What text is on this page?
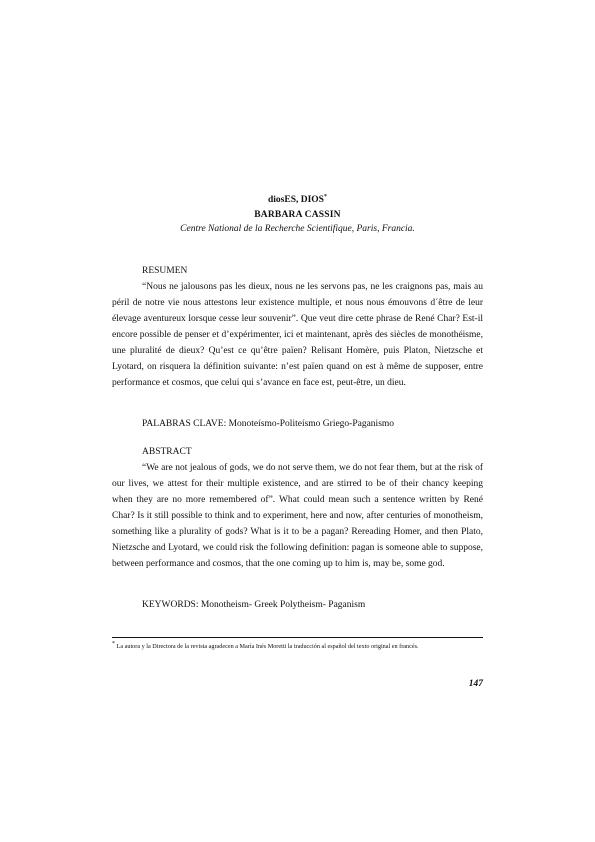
diosES, DIOS*
BARBARA CASSIN
Centre National de la Recherche Scientifique, Paris, Francia.
RESUMEN
“Nous ne jalousons pas les dieux, nous ne les servons pas, ne les craignons pas, mais au péril de notre vie nous attestons leur existence multiple, et nous nous émouvons d´être de leur élevage aventureux lorsque cesse leur souvenir”. Que veut dire cette phrase de René Char? Est-il encore possible de penser et d’expérimenter, ici et maintenant, après des siècles de monothéisme, une pluralité de dieux? Qu’est ce qu’être païen? Relisant Homère, puis Platon, Nietzsche et Lyotard, on risquera la définition suivante: n’est païen quand on est à même de supposer, entre performance et cosmos, que celui qui s’avance en face est, peut-être, un dieu.
PALABRAS CLAVE: Monoteísmo-Politeísmo Griego-Paganismo
ABSTRACT
“We are not jealous of gods, we do not serve them, we do not fear them, but at the risk of our lives, we attest for their multiple existence, and are stirred to be of their chancy keeping when they are no more remembered of”. What could mean such a sentence written by René Char? Is it still possible to think and to experiment, here and now, after centuries of monotheism, something like a plurality of gods? What is it to be a pagan? Rereading Homer, and then Plato, Nietzsche and Lyotard, we could risk the following definition: pagan is someone able to suppose, between performance and cosmos, that the one coming up to him is, may be, some god.
KEYWORDS: Monotheism- Greek Polytheism- Paganism
* La autora y la Directora de la revista agradecen a María Inés Moretti la traducción al español del texto original en francés.
147
